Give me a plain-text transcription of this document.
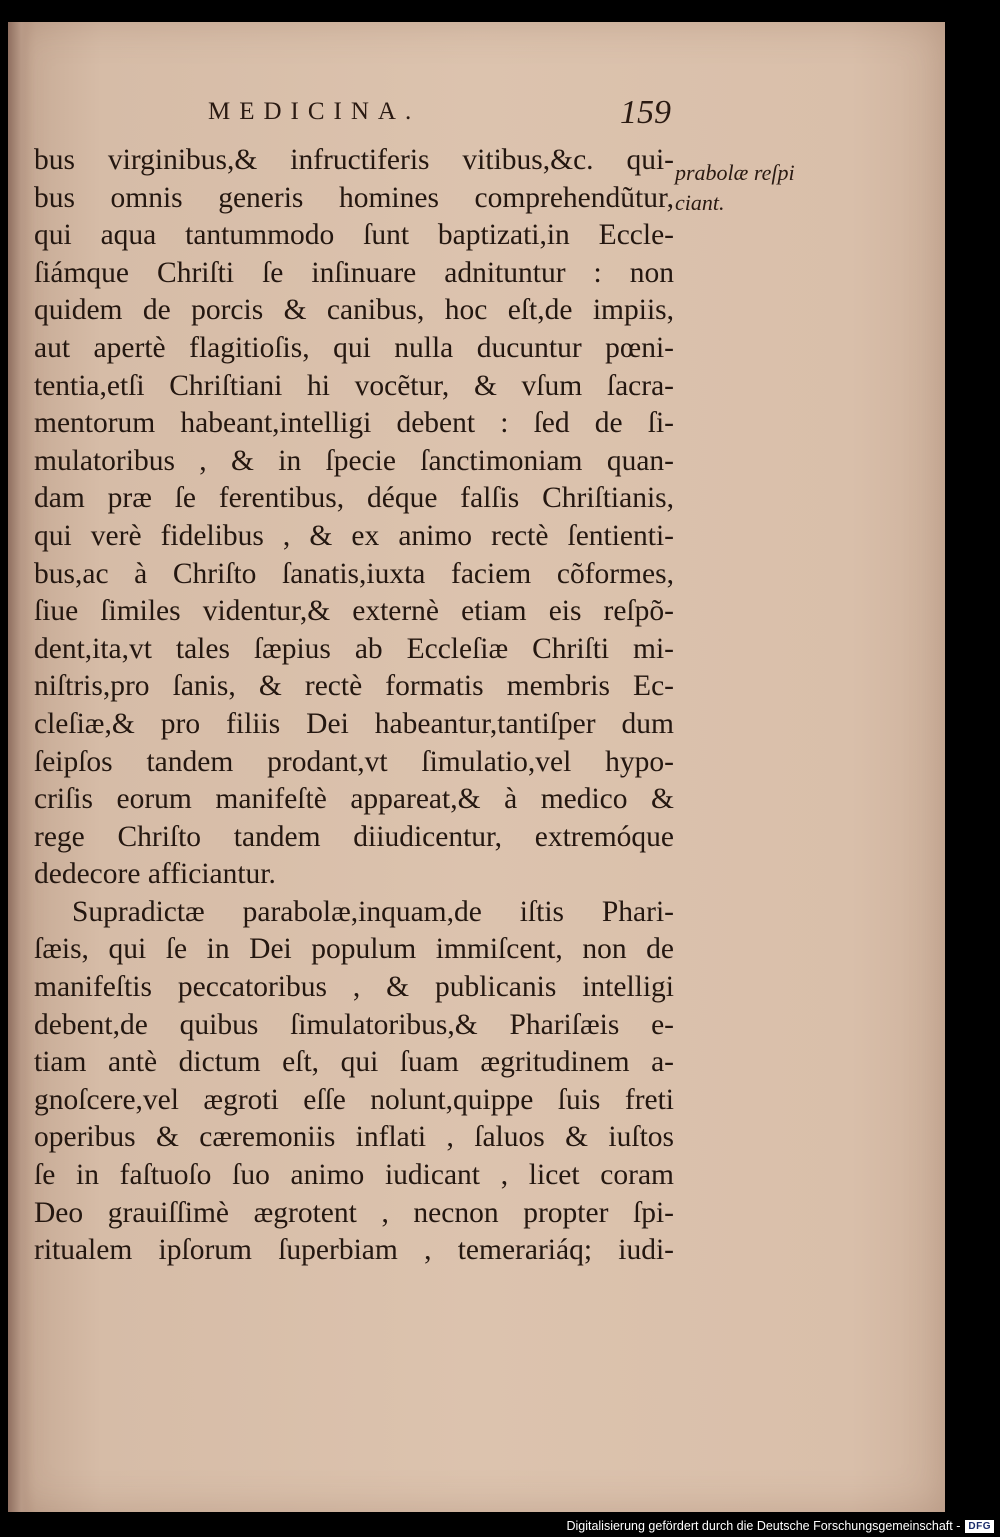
MEDICINA.	159
prabolæ reſpi
ciant.
bus virginibus,& infructiferis vitibus,&c. qui-
bus omnis generis homines comprehendũtur,
qui aqua tantummodo ſunt baptizati,in Eccle-
ſiámque Chriſti ſe inſinuare adnituntur : non
quidem de porcis & canibus, hoc eſt,de impiis,
aut apertè flagitioſis, qui nulla ducuntur pœni-
tentia,etſi Chriſtiani hi vocẽtur, & vſum ſacra-
mentorum habeant,intelligi debent : ſed de ſi-
mulatoribus , & in ſpecie ſanctimoniam quan-
dam præ ſe ferentibus, déque falſis Chriſtianis,
qui verè fidelibus , & ex animo rectè ſentienti-
bus,ac à Chriſto ſanatis,iuxta faciem cõformes,
ſiue ſimiles videntur,& externè etiam eis reſpõ-
dent,ita,vt tales ſæpius ab Eccleſiæ Chriſti mi-
niſtris,pro ſanis, & rectè formatis membris Ec-
cleſiæ,& pro filiis Dei habeantur,tantiſper dum
ſeipſos tandem prodant,vt ſimulatio,vel hypo-
criſis eorum manifeſtè appareat,& à medico &
rege Chriſto tandem diiudicentur, extremóque
dedecore afficiantur.
Supradictæ parabolæ,inquam,de iſtis Phari-
ſæis, qui ſe in Dei populum immiſcent, non de
manifeſtis peccatoribus , & publicanis intelligi
debent,de quibus ſimulatoribus,& Phariſæis e-
tiam antè dictum eſt, qui ſuam ægritudinem a-
gnoſcere,vel ægroti eſſe nolunt,quippe ſuis freti
operibus & cæremoniis inflati , ſaluos & iuſtos
ſe in faſtuoſo ſuo animo iudicant , licet coram
Deo grauiſſimè ægrotent , necnon propter ſpi-
ritualem ipſorum ſuperbiam , temerariáq; iudi-
Digitalisierung gefördert durch die Deutsche Forschungsgemeinschaft - DFG
